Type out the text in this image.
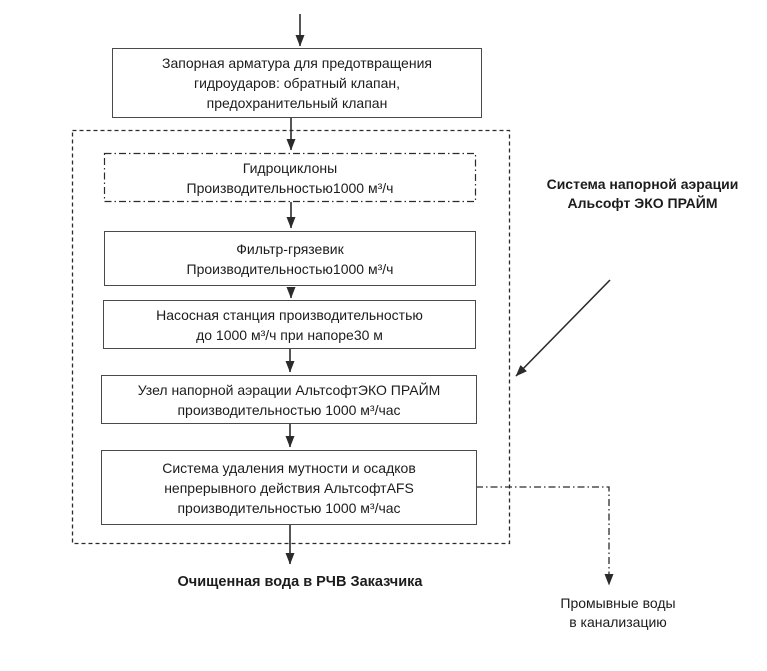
Запорная арматура для предотвращения
гидроударов: обратный клапан,
предохранительный клапан
Гидроциклоны
Производительностью1000 м³/ч
Фильтр-грязевик
Производительностью1000 м³/ч
Насосная станция производительностью
до 1000 м³/ч при напоре30 м
Узел напорной аэрации АльтсофтЭКО ПРАЙМ
производительностью 1000 м³/час
Система удаления мутности и осадков
непрерывного действия АльтсофтAFS
производительностью 1000 м³/час
Система напорной аэрации
Альсофт ЭКО ПРАЙМ
Очищенная вода в РЧВ Заказчика
Промывные воды
в канализацию
